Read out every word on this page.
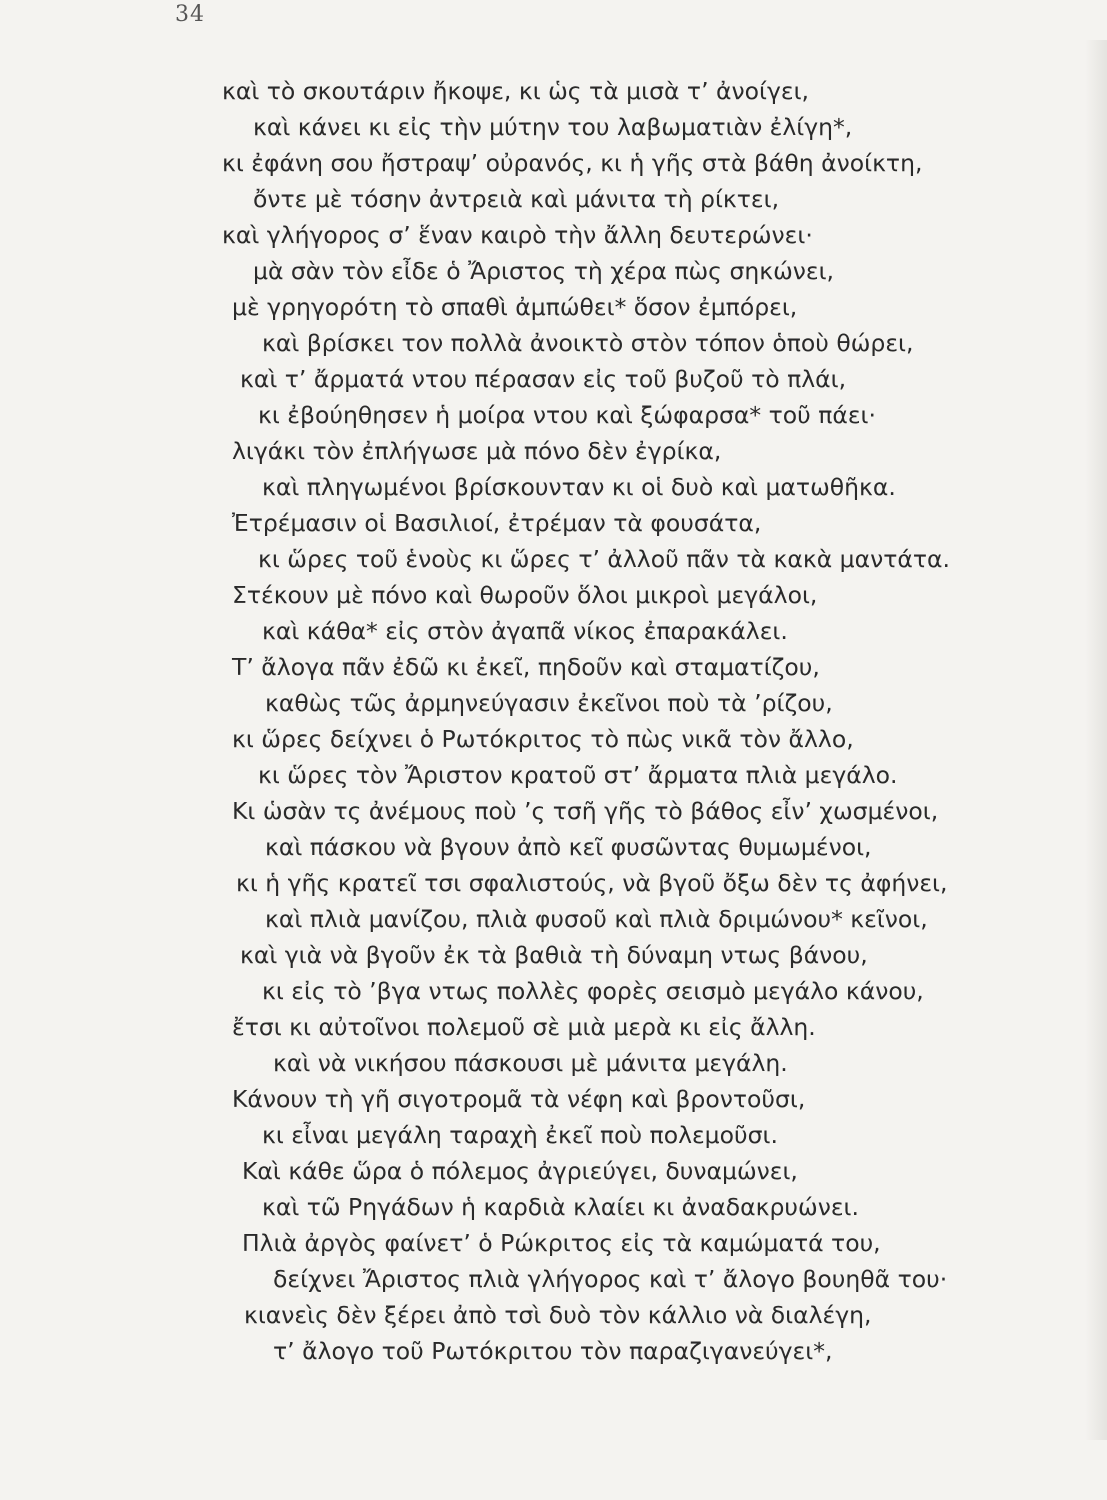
34
καὶ τὸ σκουτάριν ἤκοψε, κι ὡς τὰ μισὰ τ’ ἀνοίγει,
καὶ κάνει κι εἰς τὴν μύτην του λαβωματιὰν ἐλίγη*,
κι ἐφάνη σου ἤστραψ’ οὐρανός, κι ἡ γῆς στὰ βάθη ἀνοίκτη,
ὄντε μὲ τόσην ἀντρειὰ καὶ μάνιτα τὴ ρίκτει,
καὶ γλήγορος σ’ ἕναν καιρὸ τὴν ἄλλη δευτερώνει·
μὰ σὰν τὸν εἶδε ὁ Ἄριστος τὴ χέρα πὼς σηκώνει,
μὲ γρηγορότη τὸ σπαθὶ ἀμπώθει* ὅσον ἐμπόρει,
καὶ βρίσκει τον πολλὰ ἀνοικτὸ στὸν τόπον ὁποὺ θώρει,
καὶ τ’ ἄρματά ντου πέρασαν εἰς τοῦ βυζοῦ τὸ πλάι,
κι ἐβούηθησεν ἡ μοίρα ντου καὶ ξώφαρσα* τοῦ πάει·
λιγάκι τὸν ἐπλήγωσε μὰ πόνο δὲν ἐγρίκα,
καὶ πληγωμένοι βρίσκουνταν κι οἱ δυὸ καὶ ματωθῆκα.
Ἐτρέμασιν οἱ Βασιλιοί, ἐτρέμαν τὰ φουσάτα,
κι ὥρες τοῦ ἑνοὺς κι ὥρες τ’ ἀλλοῦ πᾶν τὰ κακὰ μαντάτα.
Στέκουν μὲ πόνο καὶ θωροῦν ὅλοι μικροὶ μεγάλοι,
καὶ κάθα* εἰς στὸν ἀγαπᾶ νίκος ἐπαρακάλει.
Τ’ ἄλογα πᾶν ἐδῶ κι ἐκεῖ, πηδοῦν καὶ σταματίζου,
καθὼς τῶς ἀρμηνεύγασιν ἐκεῖνοι ποὺ τὰ ’ρίζου,
κι ὥρες δείχνει ὁ Ρωτόκριτος τὸ πὼς νικᾶ τὸν ἄλλο,
κι ὥρες τὸν Ἄριστον κρατοῦ στ’ ἄρματα πλιὰ μεγάλο.
Κι ὡσὰν τς ἀνέμους ποὺ ’ς τσῆ γῆς τὸ βάθος εἶν’ χωσμένοι,
καὶ πάσκου νὰ βγουν ἀπὸ κεῖ φυσῶντας θυμωμένοι,
κι ἡ γῆς κρατεῖ τσι σφαλιστούς, νὰ βγοῦ ὄξω δὲν τς ἀφήνει,
καὶ πλιὰ μανίζου, πλιὰ φυσοῦ καὶ πλιὰ δριμώνου* κεῖνοι,
καὶ γιὰ νὰ βγοῦν ἐκ τὰ βαθιὰ τὴ δύναμη ντως βάνου,
κι εἰς τὸ ’βγα ντως πολλὲς φορὲς σεισμὸ μεγάλο κάνου,
ἔτσι κι αὐτοῖνοι πολεμοῦ σὲ μιὰ μερὰ κι εἰς ἄλλη.
καὶ νὰ νικήσου πάσκουσι μὲ μάνιτα μεγάλη.
Κάνουν τὴ γῆ σιγοτρομᾶ τὰ νέφη καὶ βροντοῦσι,
κι εἶναι μεγάλη ταραχὴ ἐκεῖ ποὺ πολεμοῦσι.
Καὶ κάθε ὥρα ὁ πόλεμος ἀγριεύγει, δυναμώνει,
καὶ τῶ Ρηγάδων ἡ καρδιὰ κλαίει κι ἀναδακρυώνει.
Πλιὰ ἀργὸς φαίνετ’ ὁ Ρώκριτος εἰς τὰ καμώματά του,
δείχνει Ἄριστος πλιὰ γλήγορος καὶ τ’ ἄλογο βουηθᾶ του·
κιανεὶς δὲν ξέρει ἀπὸ τσὶ δυὸ τὸν κάλλιο νὰ διαλέγη,
τ’ ἄλογο τοῦ Ρωτόκριτου τὸν παραζιγανεύγει*,
